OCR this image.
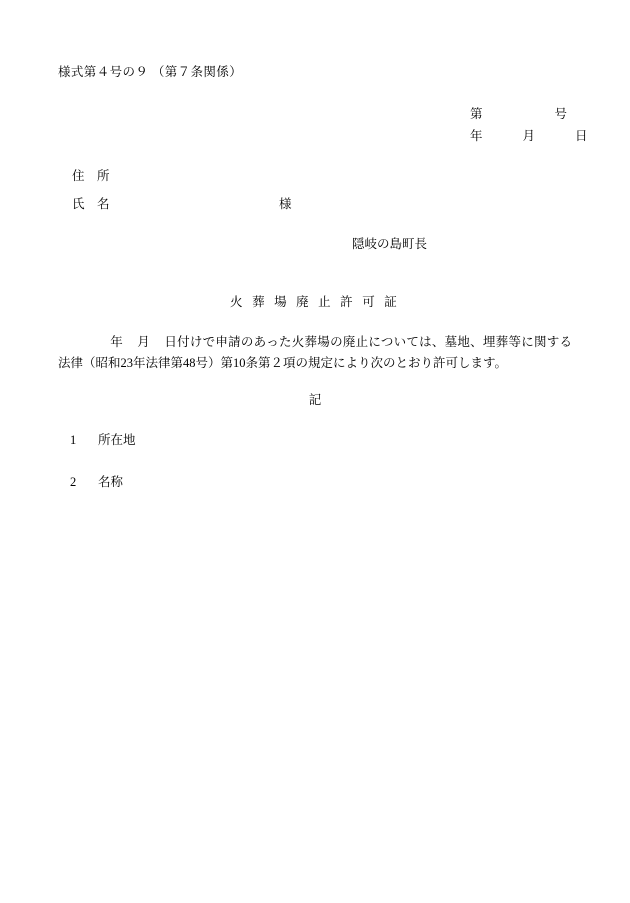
様式第４号の９ （第７条関係）
第	号
年	月	日
住　所
氏　名	様
隠岐の島町長
火 葬 場 廃 止 許 可 証
年 月 日付けで申請のあった火葬場の廃止については、墓地、埋葬等に関する法律（昭和23年法律第48号）第10条第２項の規定により次のとおり許可します。
記
1 所在地
2 名称
